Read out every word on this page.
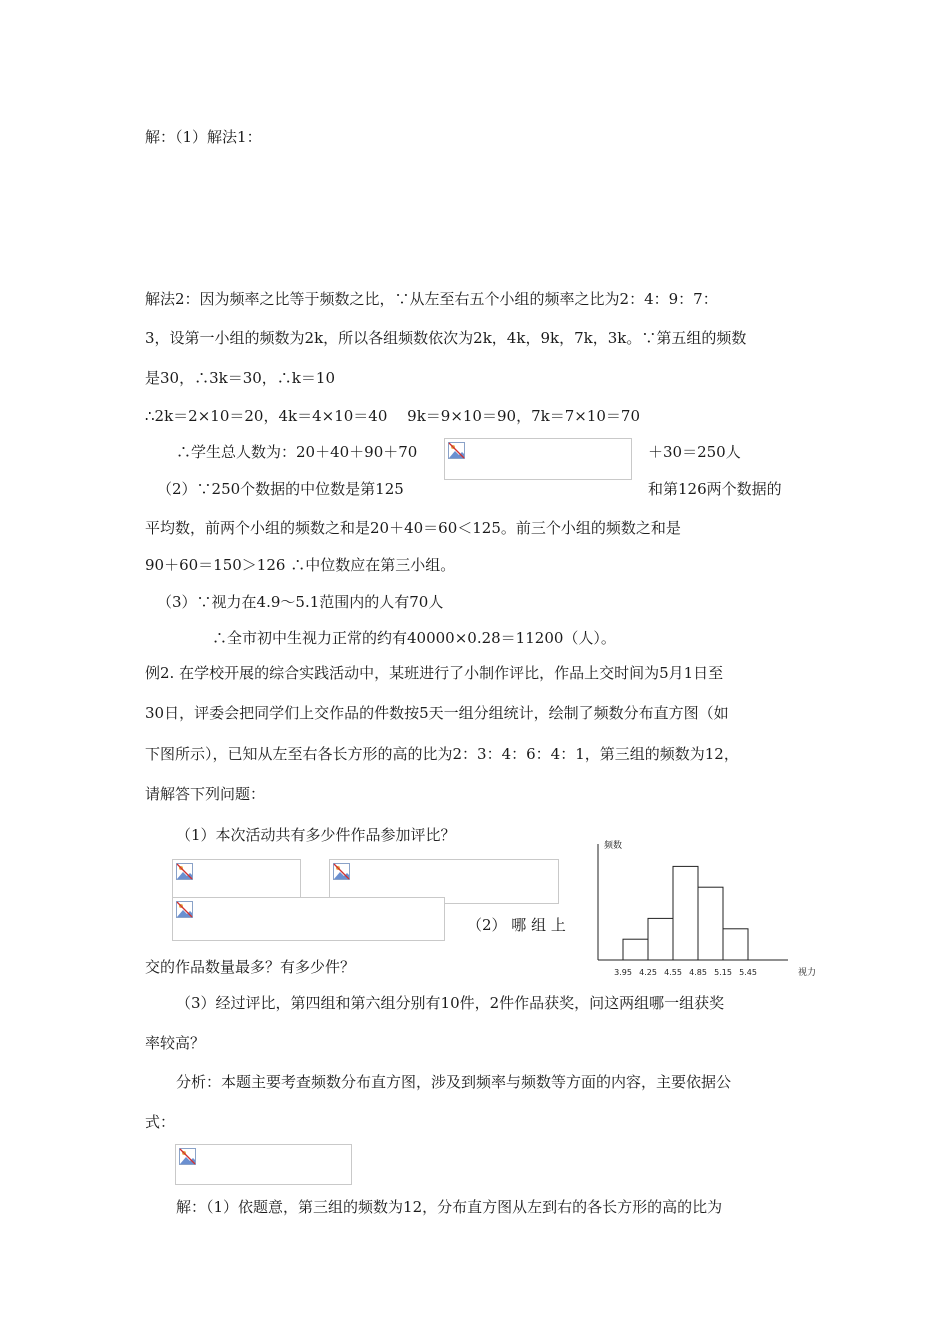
解：（1）解法1：
解法2：因为频率之比等于频数之比，∵从左至右五个小组的频率之比为2：4：9：7：
3，设第一小组的频数为2k，所以各组频数依次为2k，4k，9k，7k，3k。∵第五组的频数
是30，∴3k＝30，∴k＝10
∴2k＝2×10＝20，4k＝4×10＝40　 9k＝9×10＝90，7k＝7×10＝70
∴学生总人数为：20＋40＋90＋70	＋30＝250人
（2）∵250个数据的中位数是第125	和第126两个数据的
平均数，前两个小组的频数之和是20＋40＝60＜125。前三个小组的频数之和是
90＋60＝150＞126 ∴中位数应在第三小组。
（3）∵视力在4.9～5.1范围内的人有70人
∴全市初中生视力正常的约有40000×0.28＝11200（人）。
例2. 在学校开展的综合实践活动中，某班进行了小制作评比，作品上交时间为5月1日至
30日，评委会把同学们上交作品的件数按5天一组分组统计，绘制了频数分布直方图（如
下图所示），已知从左至右各长方形的高的比为2：3：4：6：4：1，第三组的频数为12，
请解答下列问题：
（1）本次活动共有多少件作品参加评比？
（2） 哪 组 上
交的作品数量最多？有多少件？
频数
视力
3.95 4.25 4.55 4.85 5.15 5.45
（3）经过评比，第四组和第六组分别有10件，2件作品获奖，问这两组哪一组获奖
率较高？
分析：本题主要考查频数分布直方图，涉及到频率与频数等方面的内容，主要依据公
式：
解：（1）依题意，第三组的频数为12，分布直方图从左到右的各长方形的高的比为
